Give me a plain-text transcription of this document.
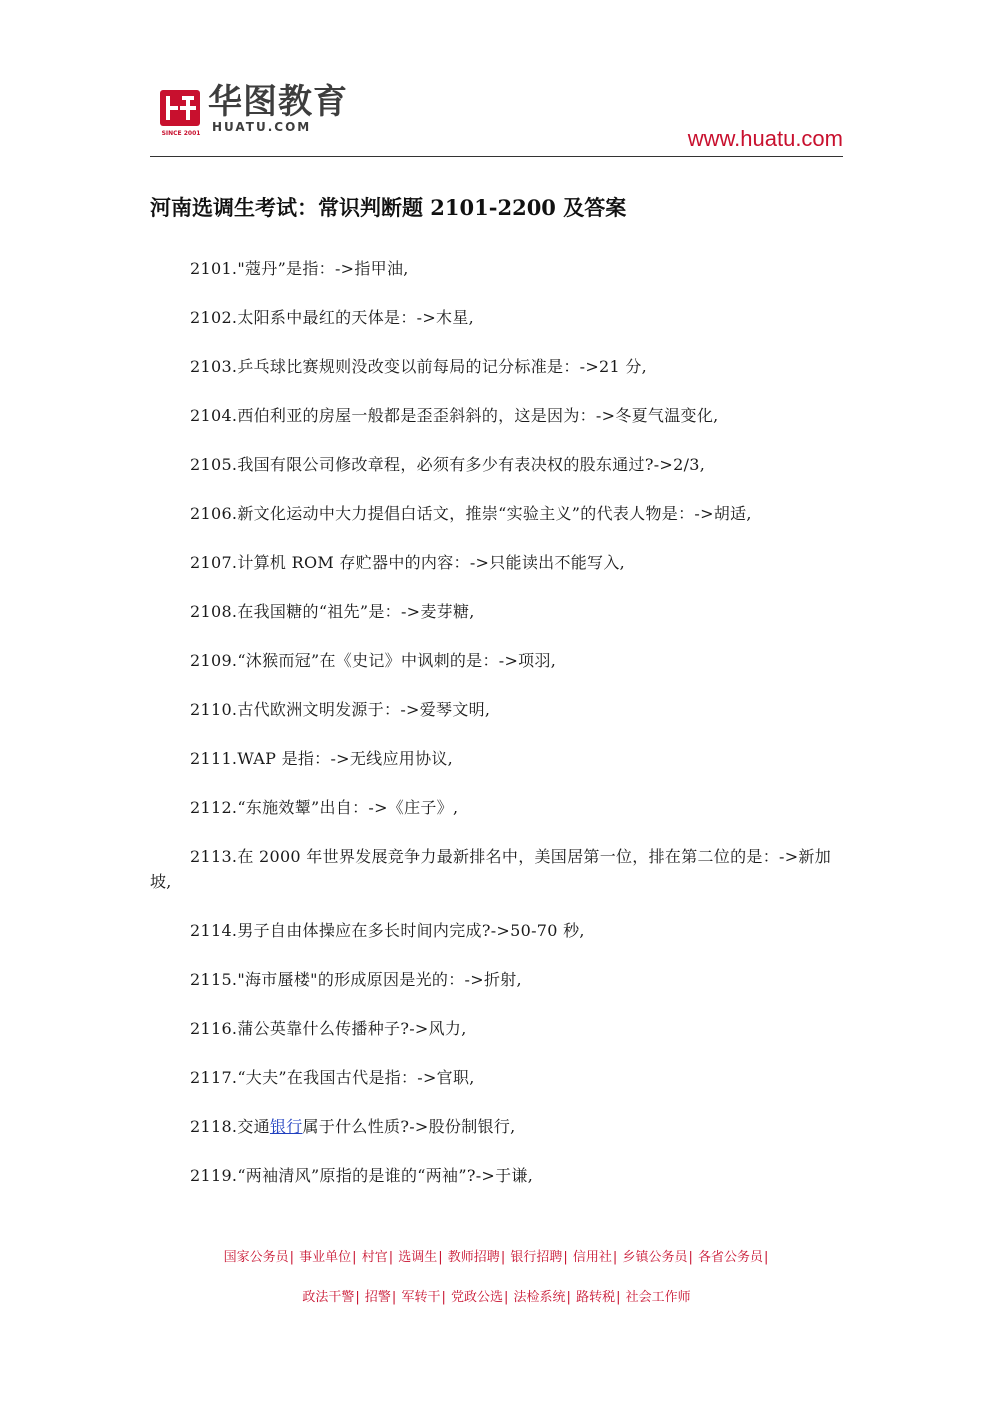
SINCE 2001
华图教育
HUATU.COM	www.huatu.com
河南选调生考试：常识判断题 2101-2200 及答案
2101."蔻丹”是指：->指甲油,
2102.太阳系中最红的天体是：->木星,
2103.乒乓球比赛规则没改变以前每局的记分标准是：->21 分,
2104.西伯利亚的房屋一般都是歪歪斜斜的，这是因为：->冬夏气温变化,
2105.我国有限公司修改章程，必须有多少有表决权的股东通过?->2/3,
2106.新文化运动中大力提倡白话文，推崇“实验主义”的代表人物是：->胡适,
2107.计算机 ROM 存贮器中的内容：->只能读出不能写入,
2108.在我国糖的“祖先”是：->麦芽糖,
2109.“沐猴而冠”在《史记》中讽刺的是：->项羽,
2110.古代欧洲文明发源于：->爱琴文明,
2111.WAP 是指：->无线应用协议,
2112.“东施效颦”出自：->《庄子》,
2113.在 2000 年世界发展竞争力最新排名中，美国居第一位，排在第二位的是：->新加坡,
2114.男子自由体操应在多长时间内完成?->50-70 秒,
2115."海市蜃楼"的形成原因是光的：->折射,
2116.蒲公英靠什么传播种子?->风力,
2117.“大夫”在我国古代是指：->官职,
2118.交通银行属于什么性质?->股份制银行,
2119.“两袖清风”原指的是谁的“两袖”?->于谦,
国家公务员| 事业单位| 村官| 选调生| 教师招聘| 银行招聘| 信用社| 乡镇公务员| 各省公务员|
政法干警| 招警| 军转干| 党政公选| 法检系统| 路转税| 社会工作师
